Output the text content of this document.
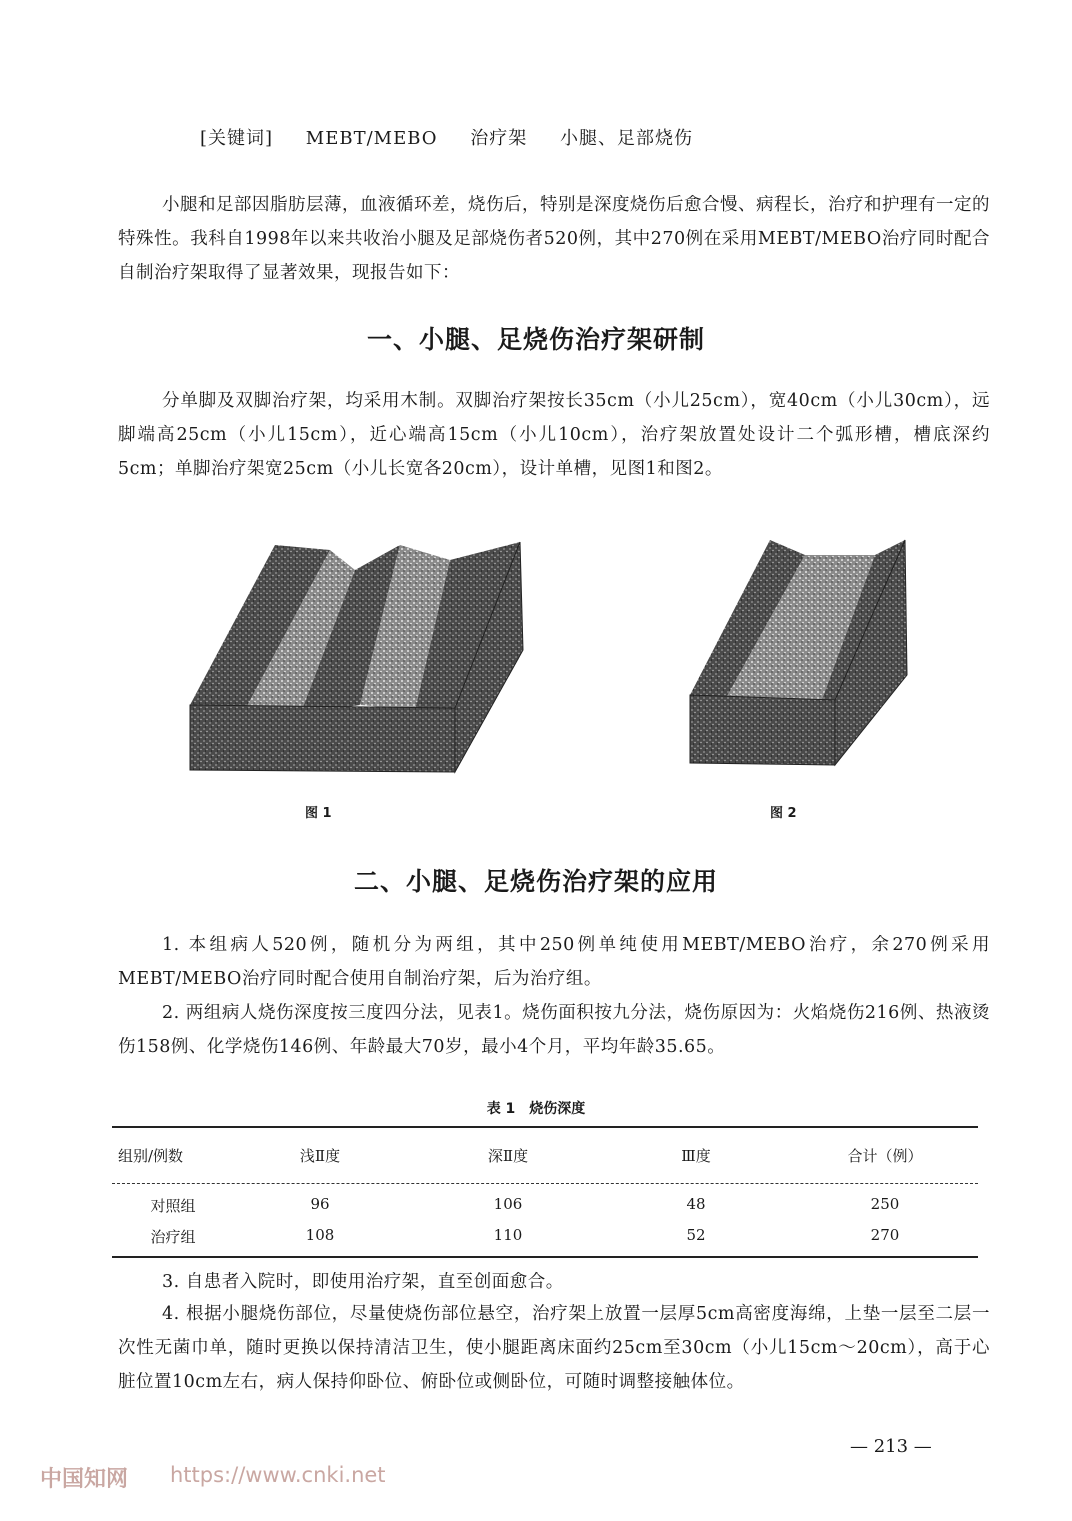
[关键词] MEBT/MEBO 治疗架 小腿、足部烧伤
小腿和足部因脂肪层薄，血液循环差，烧伤后，特别是深度烧伤后愈合慢、病程长，治疗和护理有一定的特殊性。我科自1998年以来共收治小腿及足部烧伤者520例，其中270例在采用MEBT/MEBO治疗同时配合自制治疗架取得了显著效果，现报告如下：
一、小腿、足烧伤治疗架研制
分单脚及双脚治疗架，均采用木制。双脚治疗架按长35cm（小儿25cm），宽40cm（小儿30cm），远脚端高25cm（小儿15cm），近心端高15cm（小儿10cm），治疗架放置处设计二个弧形槽，槽底深约5cm；单脚治疗架宽25cm（小儿长宽各20cm），设计单槽，见图1和图2。
图 1	图 2
二、小腿、足烧伤治疗架的应用
1. 本组病人520例，随机分为两组，其中250例单纯使用MEBT/MEBO治疗，余270例采用MEBT/MEBO治疗同时配合使用自制治疗架，后为治疗组。
2. 两组病人烧伤深度按三度四分法，见表1。烧伤面积按九分法，烧伤原因为：火焰烧伤216例、热液烫伤158例、化学烧伤146例、年龄最大70岁，最小4个月，平均年龄35.65。
表 1　烧伤深度
组别/例数	浅Ⅱ度	深Ⅱ度	Ⅲ度	合计（例）
对照组	96	106	48	250
治疗组	108	110	52	270
3. 自患者入院时，即使用治疗架，直至创面愈合。
4. 根据小腿烧伤部位，尽量使烧伤部位悬空，治疗架上放置一层厚5cm高密度海绵，上垫一层至二层一次性无菌巾单，随时更换以保持清洁卫生，使小腿距离床面约25cm至30cm（小儿15cm～20cm），高于心脏位置10cm左右，病人保持仰卧位、俯卧位或侧卧位，可随时调整接触体位。
— 213 —
中国知网 https://www.cnki.net
